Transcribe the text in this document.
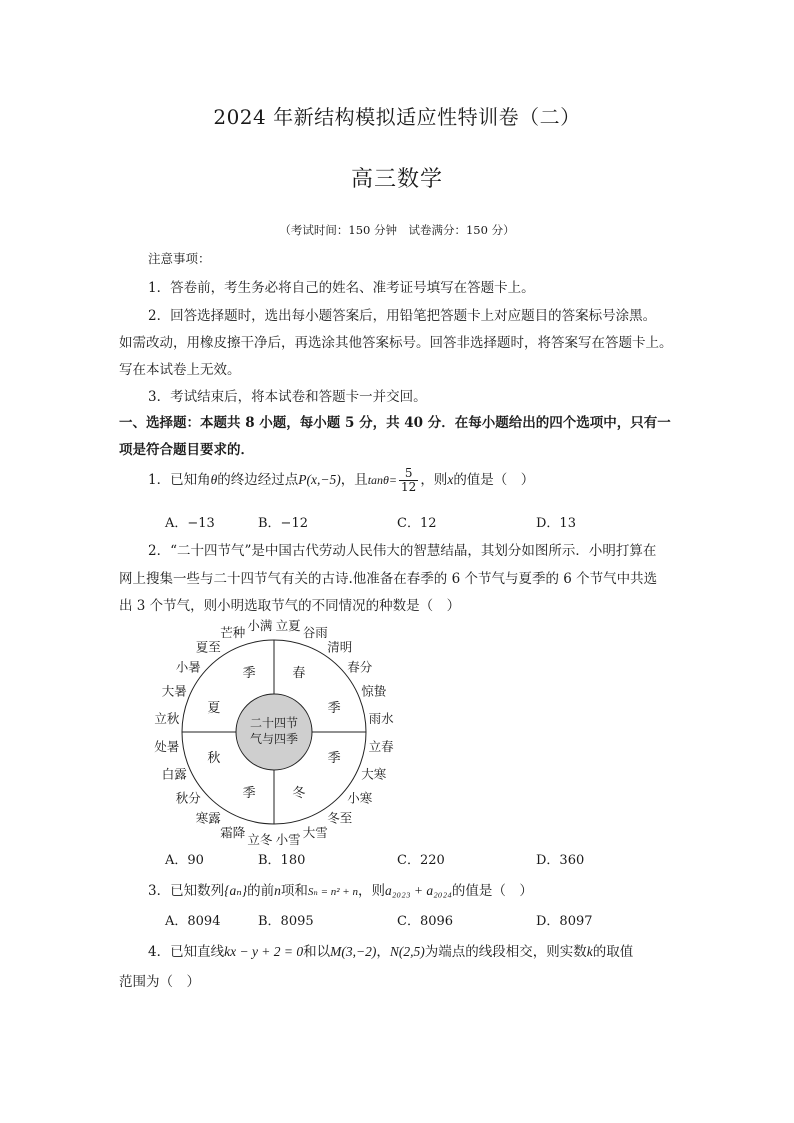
2024 年新结构模拟适应性特训卷（二）
高三数学
（考试时间：150 分钟　试卷满分：150 分）
注意事项：
1．答卷前，考生务必将自己的姓名、准考证号填写在答题卡上。
2．回答选择题时，选出每小题答案后，用铅笔把答题卡上对应题目的答案标号涂黑。
如需改动，用橡皮擦干净后，再选涂其他答案标号。回答非选择题时，将答案写在答题卡上。
写在本试卷上无效。
3．考试结束后，将本试卷和答题卡一并交回。
一、选择题：本题共 8 小题，每小题 5 分，共 40 分．在每小题给出的四个选项中，只有一
项是符合题目要求的．
1．已知角θ的终边经过点P(x,−5)，且$\tan\theta= \frac{5}{12}$ ，则x的值是（　）
A．−13	B．−12	C．12	D．13
2．“二十四节气”是中国古代劳动人民伟大的智慧结晶，其划分如图所示．小明打算在
网上搜集一些与二十四节气有关的古诗.他准备在春季的 6 个节气与夏季的 6 个节气中共选
出 3 个节气，则小明选取节气的不同情况的种数是（　）
二十四节
气与四季
春
季
季
冬
季
秋
夏
季
立夏 谷雨
清明
春分
惊蛰
雨水
立春
大寒
小寒
冬至
大雪
小雪
立冬
霜降
寒露
秋分
白露
处暑
立秋
大暑
小暑
夏至
芒种 小满
A．90	B．180	C．220	D．360
3．已知数列{aₙ}的前n项和Sₙ = n² + n，则a₂₀₂₃ + a₂₀₂₄的值是（　）
A．8094	B．8095	C．8096	D．8097
4．已知直线kx − y + 2 = 0和以M(3,−2)，N(2,5)为端点的线段相交，则实数k的取值
范围为（　）
